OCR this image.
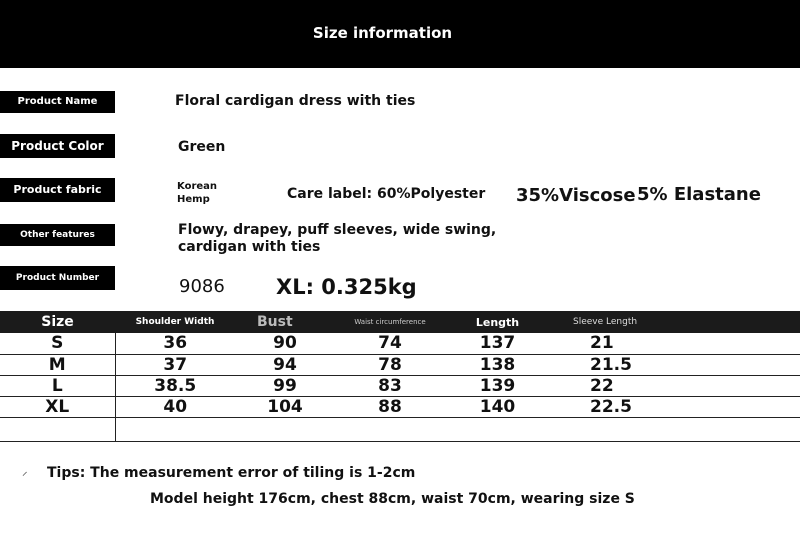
Size information
Product Name	Floral cardigan dress with ties
Product Color	Green
Product fabric	Korean Hemp	Care label: 60%Polyester 35%Viscose 5% Elastane
Other features	Flowy, drapey, puff sleeves, wide swing, cardigan with ties
Product Number	9086 XL: 0.325kg
Size	Shoulder Width	Bust	Waist circumference	Length	Sleeve Length
S	36	90	74	137	21
M	37	94	78	138	21.5
L	38.5	99	83	139	22
XL	40	104	88	140	22.5

⸝ Tips: The measurement error of tiling is 1-2cm
Model height 176cm, chest 88cm, waist 70cm, wearing size S
